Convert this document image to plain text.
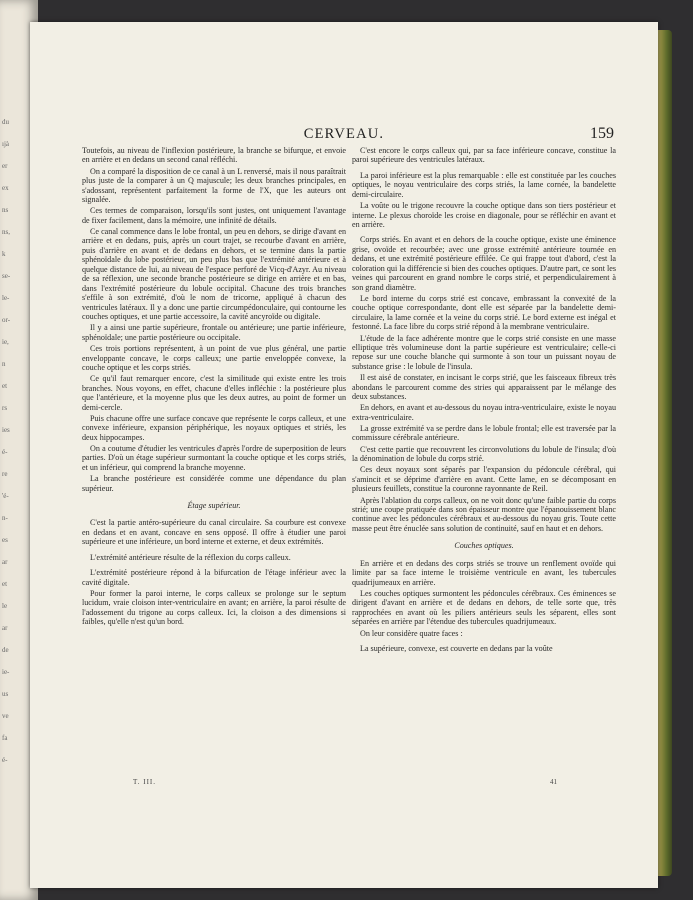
du
ıjà
er
ex
ns
ns,
k
se-
le-
or-
ie,
n
et
rs
ies
é-
re
'é-
n-
es
ar
et
le
ar
de
ie-
us
ve
fa
é-
CERVEAU.	159

Toutefois, au niveau de l'inflexion postérieure, la branche se bifurque, et envoie en arrière et en dedans un second canal réfléchi.

On a comparé la disposition de ce canal à un L renversé, mais il nous paraîtrait plus juste de la comparer à un Q majuscule; les deux branches principales, en s'adossant, représentent parfaitement la forme de l'X, que les auteurs ont signalée.

Ces termes de comparaison, lorsqu'ils sont justes, ont uniquement l'avantage de fixer facilement, dans la mémoire, une infinité de détails.

Ce canal commence dans le lobe frontal, un peu en dehors, se dirige d'avant en arrière et en dedans, puis, après un court trajet, se recourbe d'avant en arrière, puis d'arrière en avant et de dedans en dehors, et se termine dans la partie sphénoïdale du lobe postérieur, un peu plus bas que l'extrémité antérieure et à quelque distance de lui, au niveau de l'espace perforé de Vicq-d'Azyr. Au niveau de sa réflexion, une seconde branche postérieure se dirige en arrière et en bas, dans l'extrémité postérieure du lobule occipital. Chacune des trois branches s'effile à son extrémité, d'où le nom de tricorne, appliqué à chacun des ventricules latéraux. Il y a donc une partie circumpédonculaire, qui contourne les couches optiques, et une partie accessoire, la cavité ancyroïde ou digitale.

Il y a ainsi une partie supérieure, frontale ou antérieure; une partie inférieure, sphénoïdale; une partie postérieure ou occipitale.

Ces trois portions représentent, à un point de vue plus général, une partie enveloppante concave, le corps calleux; une partie enveloppée convexe, la couche optique et les corps striés.

Ce qu'il faut remarquer encore, c'est la similitude qui existe entre les trois branches. Nous voyons, en effet, chacune d'elles infléchie : la postérieure plus que l'antérieure, et la moyenne plus que les deux autres, au point de former un demi-cercle.

Puis chacune offre une surface concave que représente le corps calleux, et une convexe inférieure, expansion périphérique, les noyaux optiques et striés, les deux hippocampes.

On a coutume d'étudier les ventricules d'après l'ordre de superposition de leurs parties. D'où un étage supérieur surmontant la couche optique et les corps striés, et un inférieur, qui comprend la branche moyenne.

La branche postérieure est considérée comme une dépendance du plan supérieur.

Étage supérieur.

C'est la partie antéro-supérieure du canal circulaire. Sa courbure est convexe en dedans et en avant, concave en sens opposé. Il offre à étudier une paroi supérieure et une inférieure, un bord interne et externe, et deux extrémités.

L'extrémité antérieure résulte de la réflexion du corps calleux.

L'extrémité postérieure répond à la bifurcation de l'étage inférieur avec la cavité digitale.

Pour former la paroi interne, le corps calleux se prolonge sur le septum lucidum, vraie cloison inter-ventriculaire en avant; en arrière, la paroi résulte de l'adossement du trigone au corps calleux. Ici, la cloison a des dimensions si faibles, qu'elle n'est qu'un bord.

C'est encore le corps calleux qui, par sa face inférieure concave, constitue la paroi supérieure des ventricules latéraux.

La paroi inférieure est la plus remarquable : elle est constituée par les couches optiques, le noyau ventriculaire des corps striés, la lame cornée, la bandelette demi-circulaire.

La voûte ou le trigone recouvre la couche optique dans son tiers postérieur et interne. Le plexus choroïde les croise en diagonale, pour se réfléchir en avant et en arrière.

Corps striés. En avant et en dehors de la couche optique, existe une éminence grise, ovoïde et recourbée; avec une grosse extrémité antérieure tournée en dedans, et une extrémité postérieure effilée. Ce qui frappe tout d'abord, c'est la coloration qui la différencie si bien des couches optiques. D'autre part, ce sont les veines qui parcourent en grand nombre le corps strié, et perpendiculairement à son grand diamètre.

Le bord interne du corps strié est concave, embrassant la convexité de la couche optique correspondante, dont elle est séparée par la bandelette demi-circulaire, la lame cornée et la veine du corps strié. Le bord externe est inégal et festonné. La face libre du corps strié répond à la membrane ventriculaire.

L'étude de la face adhérente montre que le corps strié consiste en une masse elliptique très volumineuse dont la partie supérieure est ventriculaire; celle-ci repose sur une couche blanche qui surmonte à son tour un puissant noyau de substance grise : le lobule de l'insula.

Il est aisé de constater, en incisant le corps strié, que les faisceaux fibreux très abondans le parcourent comme des stries qui apparaissent par le mélange des deux substances.

En dehors, en avant et au-dessous du noyau intra-ventriculaire, existe le noyau extra-ventriculaire.

La grosse extrémité va se perdre dans le lobule frontal; elle est traversée par la commissure cérébrale antérieure.

C'est cette partie que recouvrent les circonvolutions du lobule de l'insula; d'où la dénomination de lobule du corps strié.

Ces deux noyaux sont séparés par l'expansion du pédoncule cérébral, qui s'amincit et se déprime d'arrière en avant. Cette lame, en se décomposant en plusieurs feuillets, constitue la couronne rayonnante de Reil.

Après l'ablation du corps calleux, on ne voit donc qu'une faible partie du corps strié; une coupe pratiquée dans son épaisseur montre que l'épanouissement blanc continue avec les pédoncules cérébraux et au-dessous du noyau gris. Toute cette masse peut être énuclée sans solution de continuité, sauf en haut et en dehors.

Couches optiques.

En arrière et en dedans des corps striés se trouve un renflement ovoïde qui limite par sa face interne le troisième ventricule en avant, les tubercules quadrijumeaux en arrière.

Les couches optiques surmontent les pédoncules cérébraux. Ces éminences se dirigent d'avant en arrière et de dedans en dehors, de telle sorte que, très rapprochées en avant où les piliers antérieurs seuls les séparent, elles sont séparées en arrière par l'étendue des tubercules quadrijumeaux.

On leur considère quatre faces :

La supérieure, convexe, est couverte en dedans par la voûte

T. III.	41
